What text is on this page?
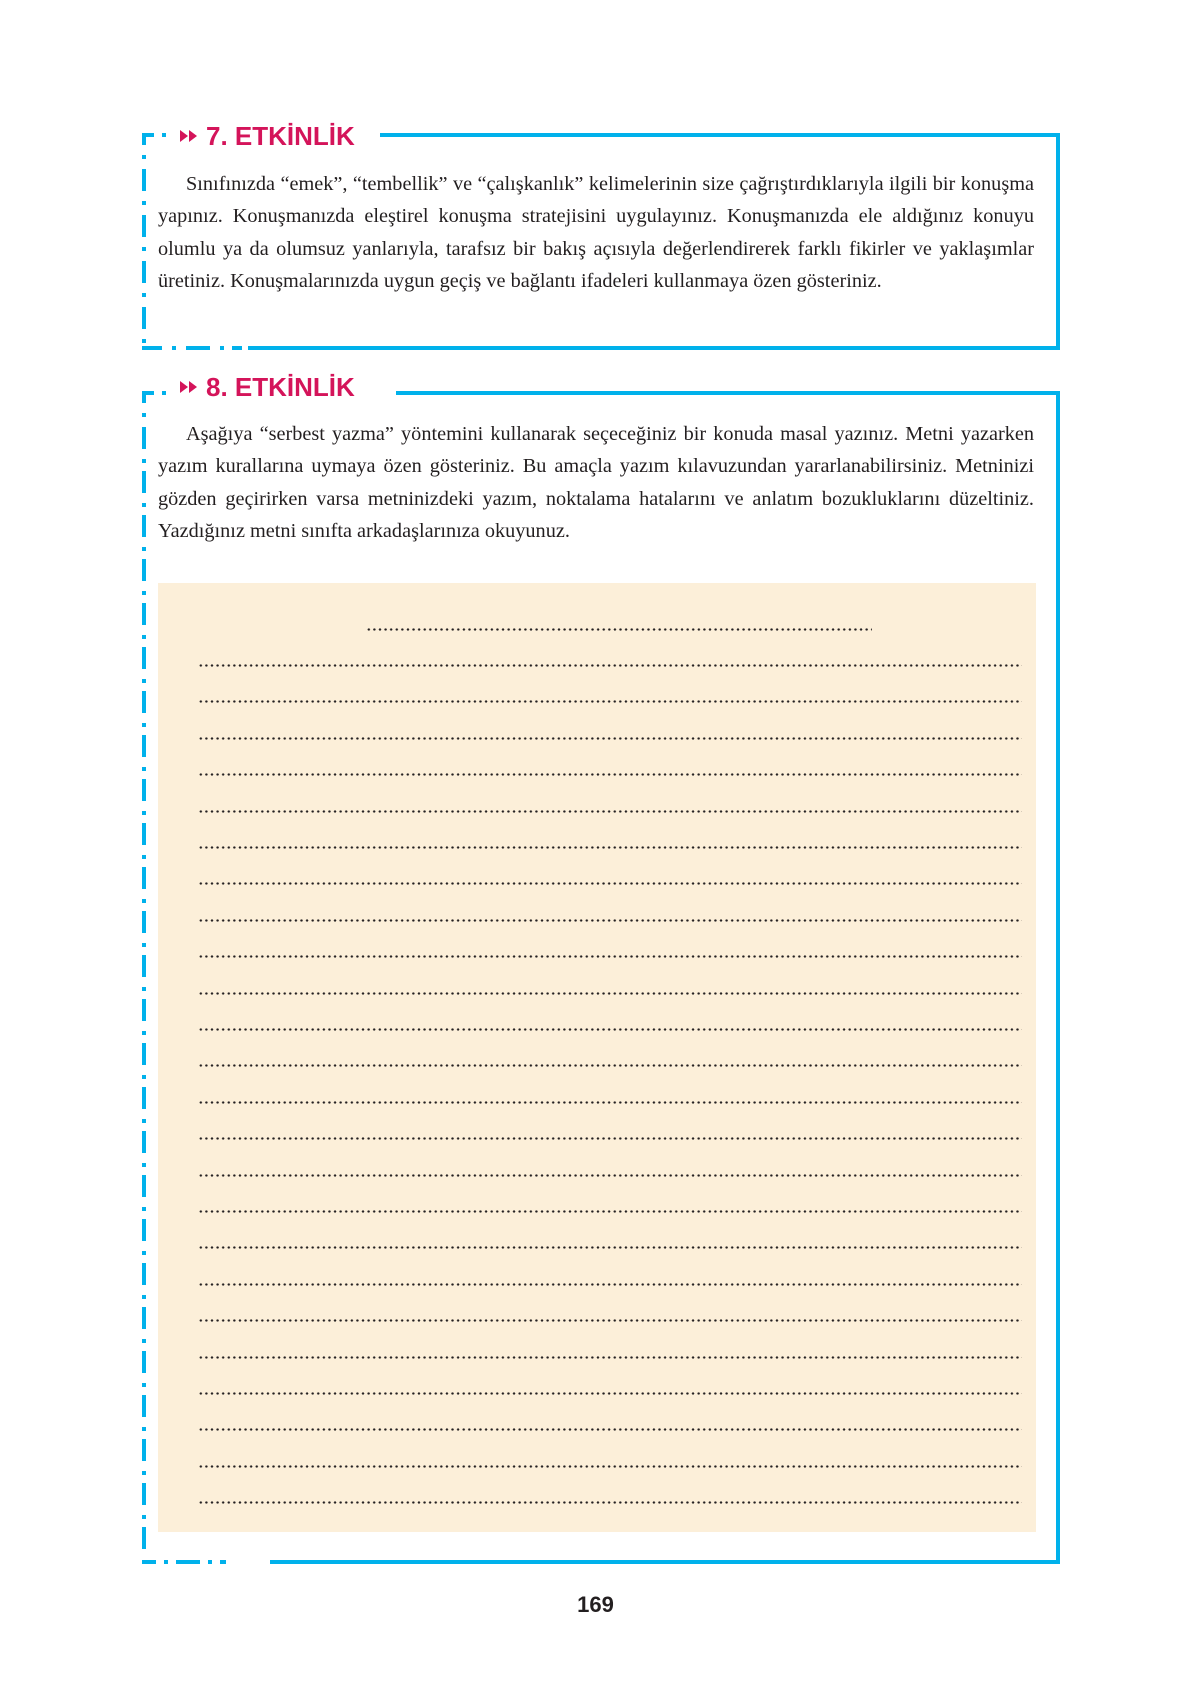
7. ETKİNLİK
Sınıfınızda “emek”, “tembellik” ve “çalışkanlık” kelimelerinin size çağrıştırdıklarıyla ilgili bir konuşma yapınız. Konuşmanızda eleştirel konuşma stratejisini uygulayınız. Konuşmanızda ele aldığınız konuyu olumlu ya da olumsuz yanlarıyla, tarafsız bir bakış açısıyla değerlendirerek farklı fikirler ve yaklaşımlar üretiniz. Konuşmalarınızda uygun geçiş ve bağlantı ifadeleri kullanmaya özen gösteriniz.
8. ETKİNLİK
Aşağıya “serbest yazma” yöntemini kullanarak seçeceğiniz bir konuda masal yazınız. Metni yazarken yazım kurallarına uymaya özen gösteriniz. Bu amaçla yazım kılavuzundan yararlanabilirsiniz. Metninizi gözden geçirirken varsa metninizdeki yazım, noktalama hatalarını ve anlatım bozukluklarını düzeltiniz. Yazdığınız metni sınıfta arkadaşlarınıza okuyunuz.
169
